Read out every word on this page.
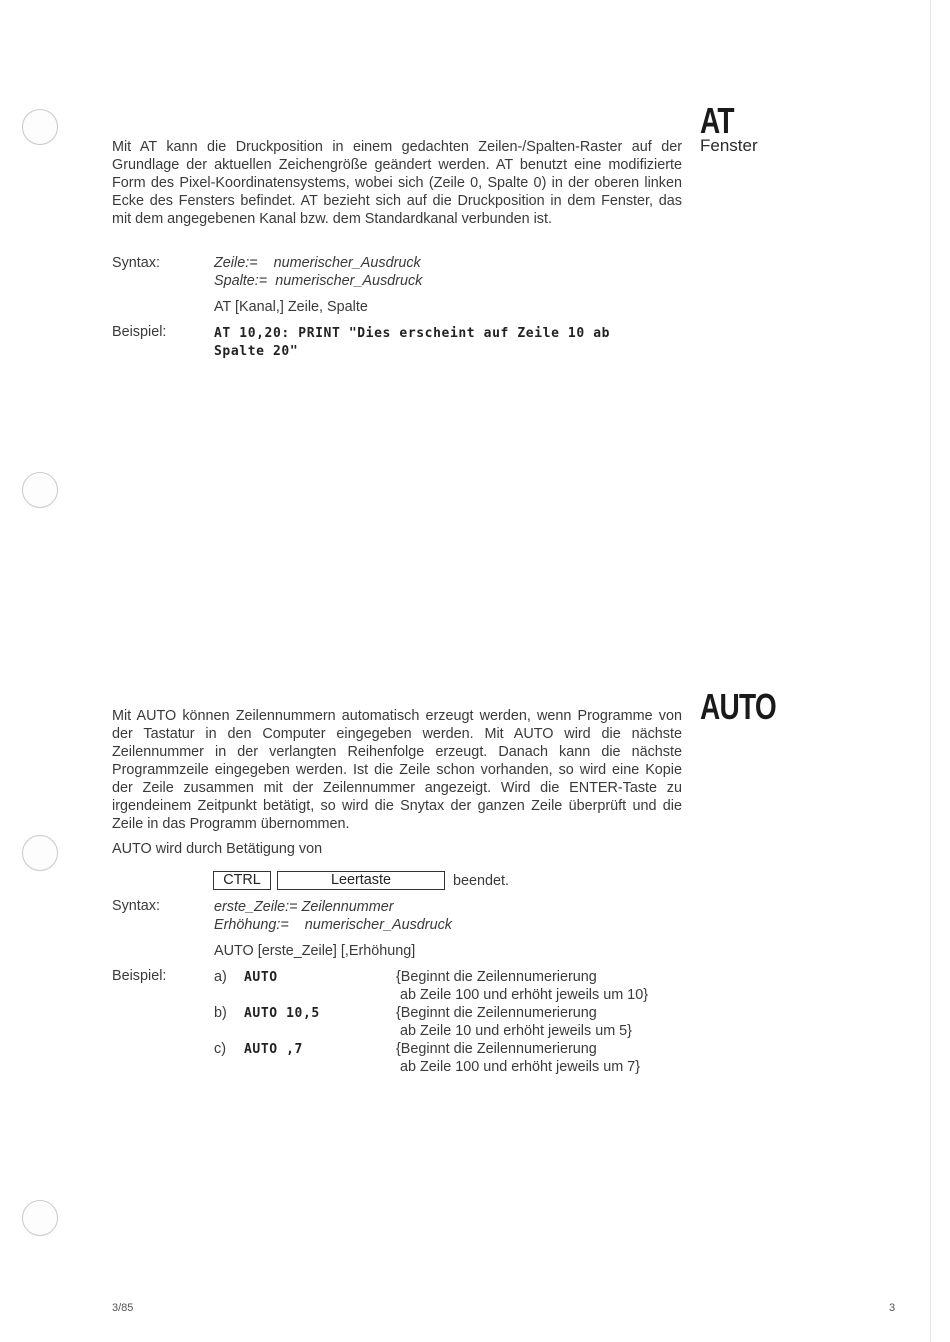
AT
Fenster
Mit AT kann die Druckposition in einem gedachten Zeilen-/Spalten-Raster auf der Grundlage der aktuellen Zeichengröße geändert werden. AT benutzt eine modifizierte Form des Pixel-Koordinatensystems, wobei sich (Zeile 0, Spalte 0) in der oberen linken Ecke des Fensters befindet. AT bezieht sich auf die Druckposition in dem Fenster, das mit dem angegebenen Kanal bzw. dem Standardkanal verbunden ist.
Syntax:	Zeile:=    numerischer_Ausdruck
Spalte:=  numerischer_Ausdruck
AT [Kanal,] Zeile, Spalte
Beispiel:	AT 10,20: PRINT "Dies erscheint auf Zeile 10 ab
Spalte 20"
AUTO
Mit AUTO können Zeilennummern automatisch erzeugt werden, wenn Programme von der Tastatur in den Computer eingegeben werden. Mit AUTO wird die nächste Zeilennummer in der verlangten Reihenfolge erzeugt. Danach kann die nächste Programmzeile eingegeben werden. Ist die Zeile schon vorhanden, so wird eine Kopie der Zeile zusammen mit der Zeilennummer angezeigt. Wird die ENTER-Taste zu irgendeinem Zeitpunkt betätigt, so wird die Snytax der ganzen Zeile überprüft und die Zeile in das Programm übernommen.
AUTO wird durch Betätigung von
CTRL	Leertaste	beendet.
Syntax:	erste_Zeile:= Zeilennummer
Erhöhung:=    numerischer_Ausdruck
AUTO [erste_Zeile] [,Erhöhung]
Beispiel:	a) AUTO	{Beginnt die Zeilennumerierung
ab Zeile 100 und erhöht jeweils um 10}
b) AUTO 10,5	{Beginnt die Zeilennumerierung
ab Zeile 10 und erhöht jeweils um 5}
c) AUTO ,7	{Beginnt die Zeilennumerierung
ab Zeile 100 und erhöht jeweils um 7}
3/85	3
